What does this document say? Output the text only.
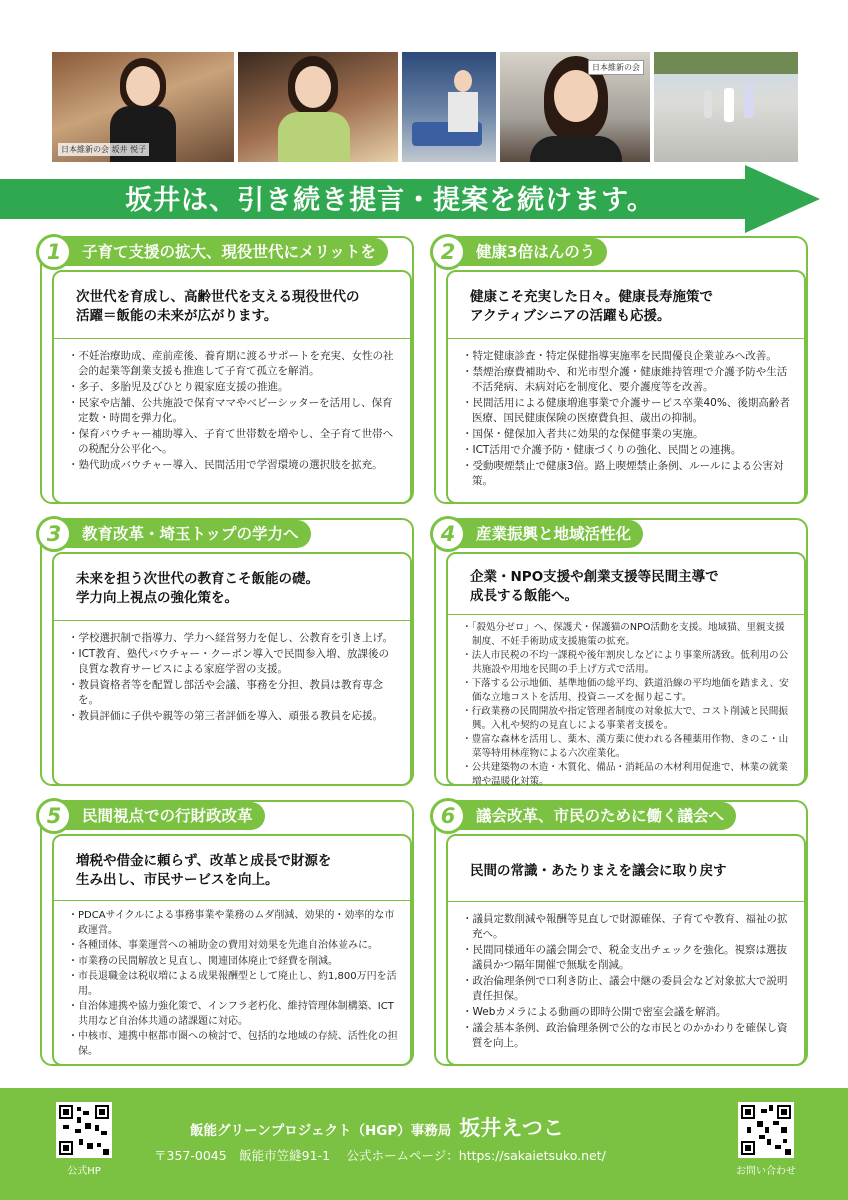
日本維新の会 坂井 悦子
日本維新の会
坂井は、引き続き提言・提案を続けます。
1	子育て支援の拡大、現役世代にメリットを
次世代を育成し、高齢世代を支える現役世代の
活躍＝飯能の未来が広がります。
・ 不妊治療助成、産前産後、養育期に渡るサポートを充実、女性の社会的起業等創業支援も推進して子育て孤立を解消。
・ 多子、多胎児及びひとり親家庭支援の推進。
・ 民家や店舗、公共施設で保育ママやベビーシッターを活用し、保育定数・時間を弾力化。
・ 保育バウチャー補助導入、子育て世帯数を増やし、全子育て世帯への税配分公平化へ。
・ 塾代助成バウチャー導入、民間活用で学習環境の選択肢を拡充。
2	健康3倍はんのう
健康こそ充実した日々。健康長寿施策で
アクティブシニアの活躍も応援。
・ 特定健康診査・特定保健指導実施率を民間優良企業並みへ改善。
・ 禁煙治療費補助や、和光市型介護・健康維持管理で介護予防や生活不活発病、未病対応を制度化、要介護度等を改善。
・ 民間活用による健康増進事業で介護サービス卒業40%、後期高齢者医療、国民健康保険の医療費負担、歳出の抑制。
・ 国保・健保加入者共に効果的な保健事業の実施。
・ ICT活用で介護予防・健康づくりの強化、民間との連携。
・ 受動喫煙禁止で健康3倍。路上喫煙禁止条例、ルールによる公害対策。
3	教育改革・埼玉トップの学力へ
未来を担う次世代の教育こそ飯能の礎。
学力向上視点の強化策を。
・ 学校選択制で指導力、学力へ経営努力を促し、公教育を引き上げ。
・ ICT教育、塾代バウチャー・クーポン導入で民間参入増、放課後の良質な教育サービスによる家庭学習の支援。
・ 教員資格者等を配置し部活や会議、事務を分担、教員は教育専念を。
・ 教員評価に子供や親等の第三者評価を導入、頑張る教員を応援。
4	産業振興と地域活性化
企業・NPO支援や創業支援等民間主導で
成長する飯能へ。
・ 「殺処分ゼロ」へ、保護犬・保護猫のNPO活動を支援。地域猫、里親支援制度、不妊手術助成支援施策の拡充。
・ 法人市民税の不均一課税や後年割戻しなどにより事業所誘致。低利用の公共施設や用地を民間の手上げ方式で活用。
・ 下落する公示地価、基準地価の総平均、鉄道沿線の平均地価を踏まえ、安価な立地コストを活用、投資ニーズを掘り起こす。
・ 行政業務の民間開放や指定管理者制度の対象拡大で、コスト削減と民間振興。入札や契約の見直しによる事業者支援を。
・ 豊富な森林を活用し、薬木、漢方薬に使われる各種薬用作物、きのこ・山菜等特用林産物による六次産業化。
・ 公共建築物の木造・木質化、備品・消耗品の木材利用促進で、林業の就業増や温暖化対策。
5	民間視点での行財政改革
増税や借金に頼らず、改革と成長で財源を
生み出し、市民サービスを向上。
・ PDCAサイクルによる事務事業や業務のムダ削減、効果的・効率的な市政運営。
・ 各種団体、事業運営への補助金の費用対効果を先進自治体並みに。
・ 市業務の民間解放と見直し、関連団体廃止で経費を削減。
・ 市長退職金は税収増による成果報酬型として廃止し、約1,800万円を活用。
・ 自治体連携や協力強化策で、インフラ老朽化、維持管理体制構築、ICT共用など自治体共通の諸課題に対応。
・ 中核市、連携中枢都市圏への検討で、包括的な地域の存続、活性化の担保。
6	議会改革、市民のために働く議会へ
民間の常識・あたりまえを議会に取り戻す
・ 議員定数削減や報酬等見直しで財源確保、子育てや教育、福祉の拡充へ。
・ 民間同様通年の議会開会で、税金支出チェックを強化。視察は選抜議員かつ隔年開催で無駄を削減。
・ 政治倫理条例で口利き防止、議会中継の委員会など対象拡大で説明責任担保。
・ Webカメラによる動画の即時公開で密室会議を解消。
・ 議会基本条例、政治倫理条例で公的な市民とのかかわりを確保し資質を向上。
公式HP	お問い合わせ
飯能グリーンプロジェクト（HGP）事務局 坂井えつこ
〒357-0045　飯能市笠縫91-1　 公式ホームページ：https://sakaietsuko.net/
